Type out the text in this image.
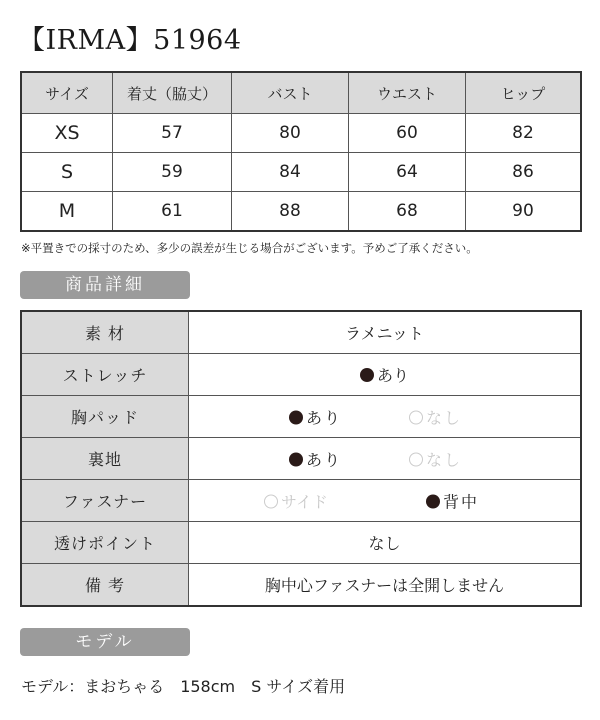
【IRMA】51964
サイズ	着丈（脇丈）	バスト	ウエスト	ヒップ
XS	57	80	60	82
S	59	84	64	86
M	61	88	68	90
※平置きでの採寸のため、多少の誤差が生じる場合がございます。予めご了承ください。
商品詳細
素 材	ラメニット
ストレッチ	あり
胸パッド	あり なし

裏地	あり なし

ファスナー	サイド 背中

透けポイント	なし
備 考	胸中心ファスナーは全開しません
モデル
モデル：まおちゃる　158cm　S サイズ着用
